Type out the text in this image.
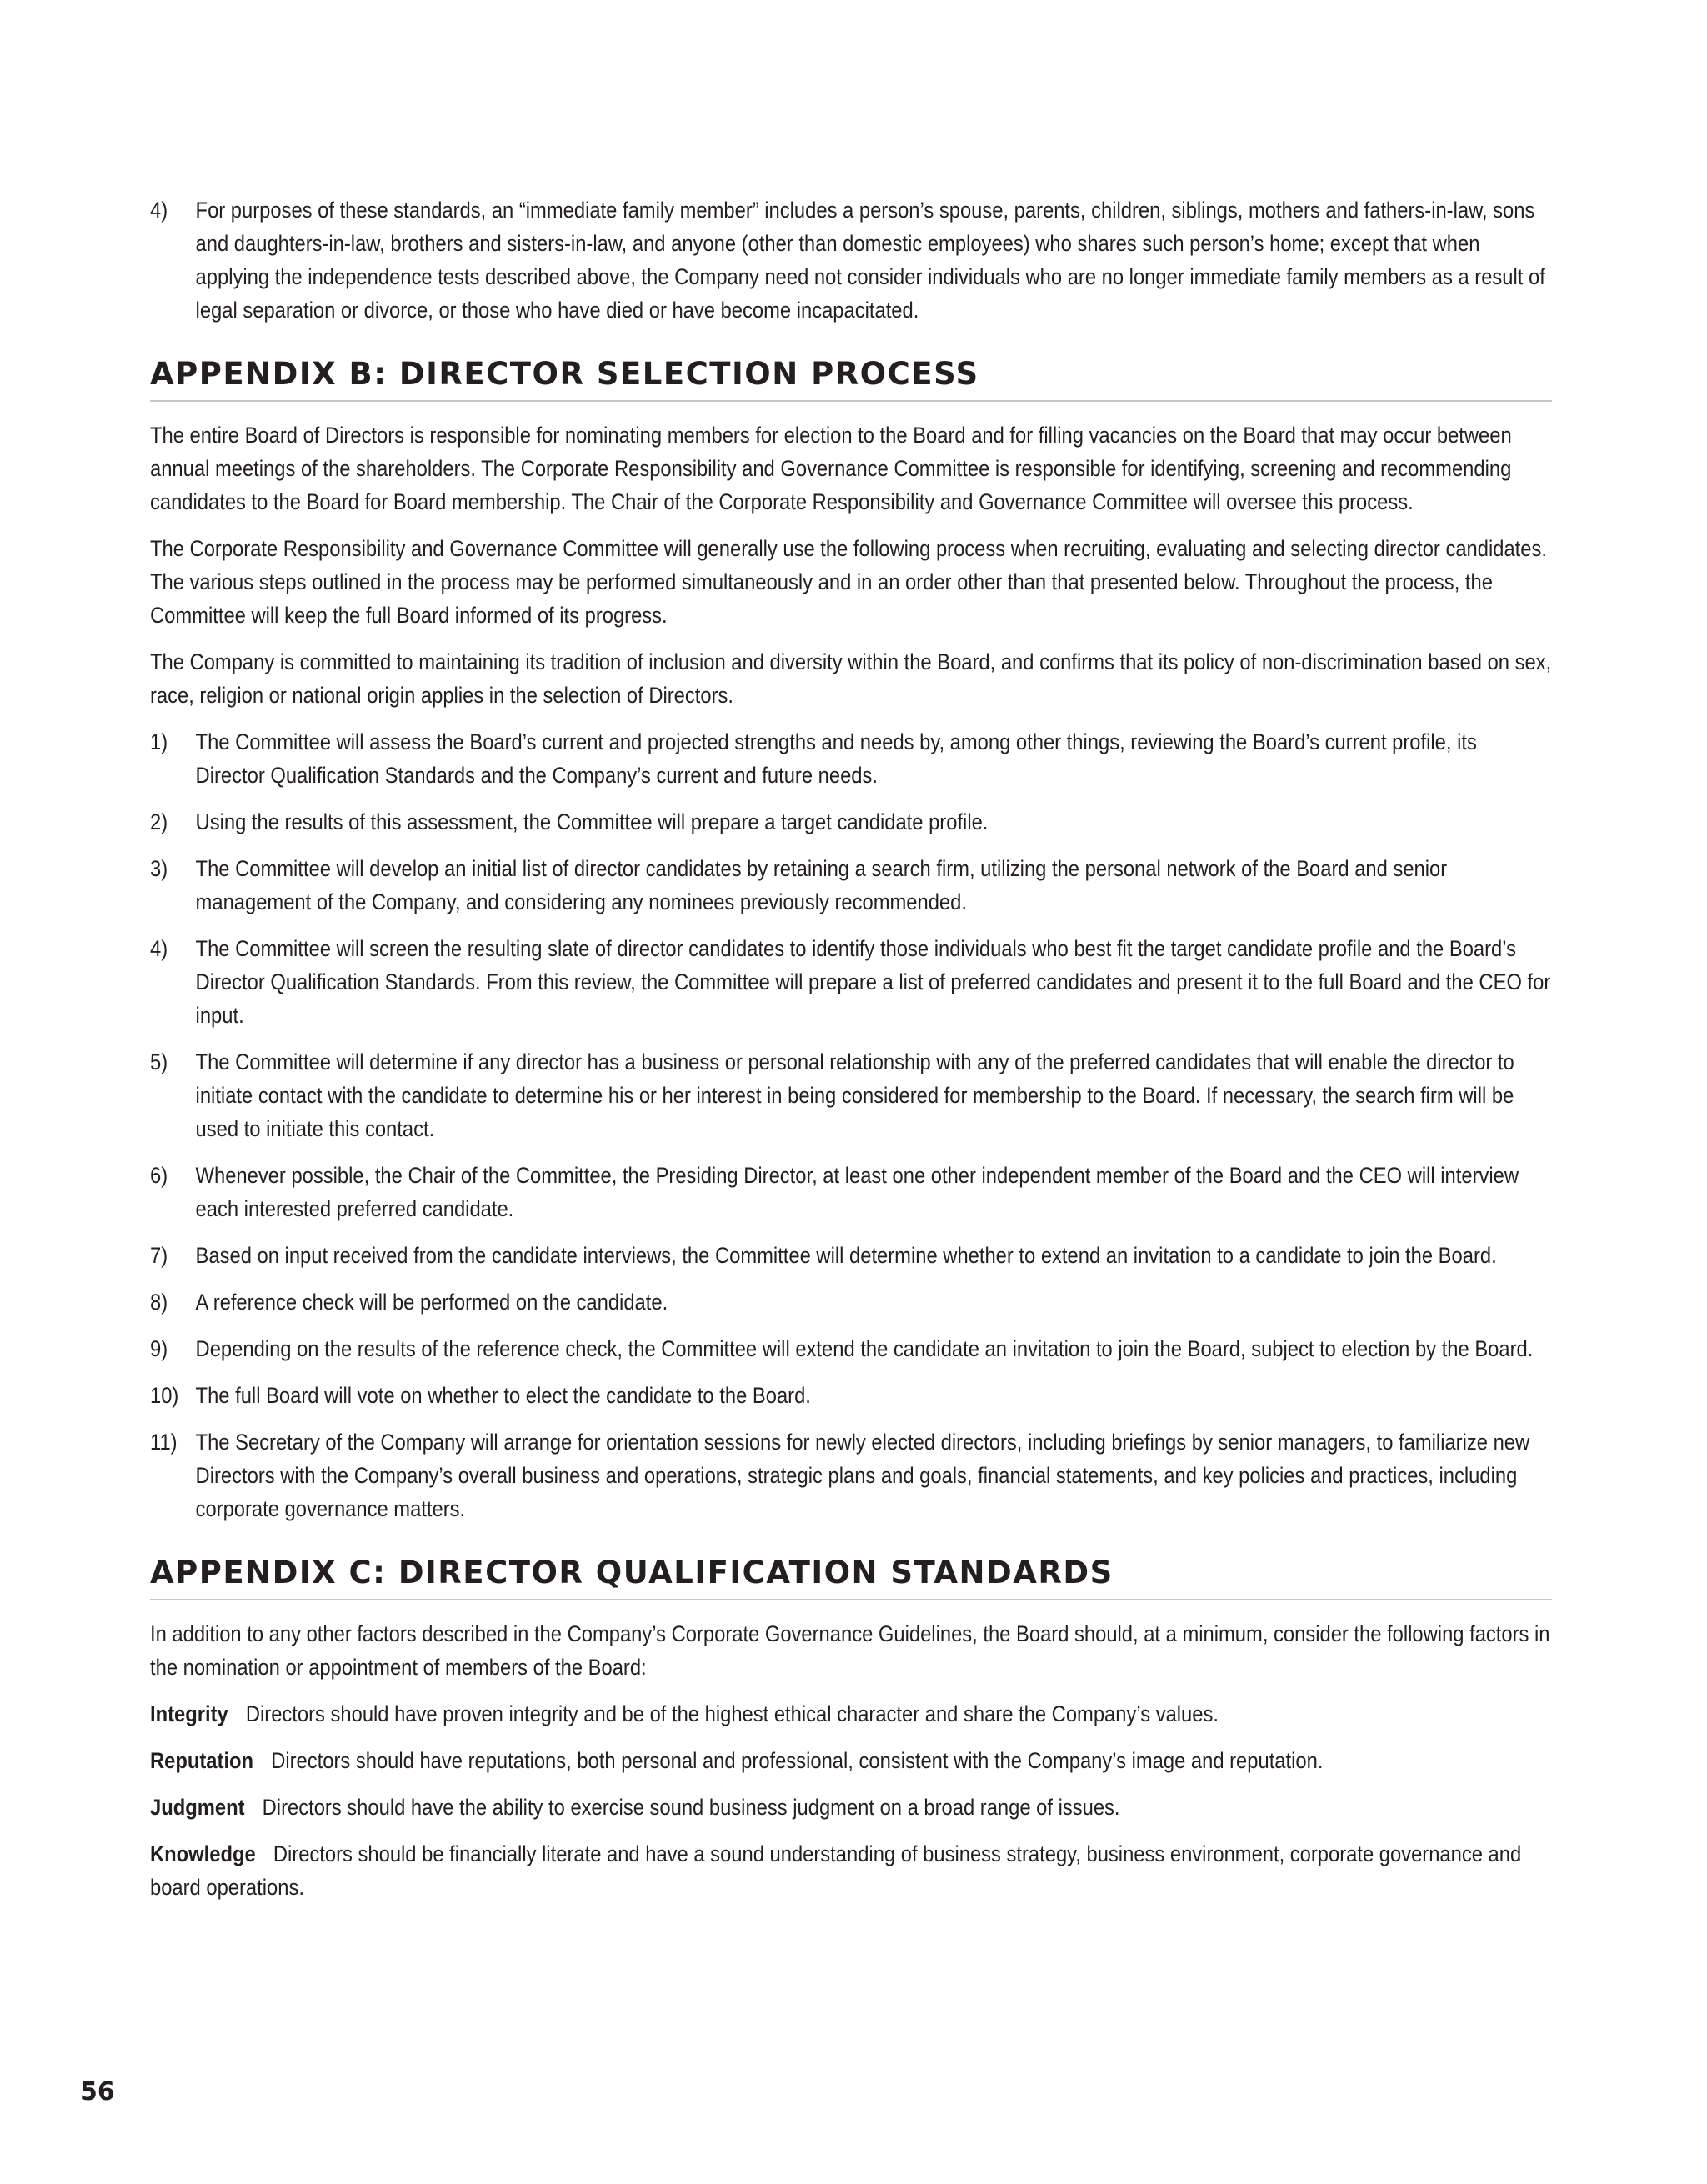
4)	For purposes of these standards, an “immediate family member” includes a person’s spouse, parents, children, siblings, mothers and fathers-in-law, sons and daughters-in-law, brothers and sisters-in-law, and anyone (other than domestic employees) who shares such person’s home; except that when applying the independence tests described above, the Company need not consider individuals who are no longer immediate family members as a result of legal separation or divorce, or those who have died or have become incapacitated.
APPENDIX B: DIRECTOR SELECTION PROCESS

The entire Board of Directors is responsible for nominating members for election to the Board and for filling vacancies on the Board that may occur between annual meetings of the shareholders. The Corporate Responsibility and Governance Committee is responsible for identifying, screening and recommending candidates to the Board for Board membership. The Chair of the Corporate Responsibility and Governance Committee will oversee this process.

The Corporate Responsibility and Governance Committee will generally use the following process when recruiting, evaluating and selecting director candidates. The various steps outlined in the process may be performed simultaneously and in an order other than that presented below. Throughout the process, the Committee will keep the full Board informed of its progress.

The Company is committed to maintaining its tradition of inclusion and diversity within the Board, and confirms that its policy of non-discrimination based on sex, race, religion or national origin applies in the selection of Directors.

1)	The Committee will assess the Board’s current and projected strengths and needs by, among other things, reviewing the Board’s current profile, its Director Qualification Standards and the Company’s current and future needs.
2)	Using the results of this assessment, the Committee will prepare a target candidate profile.
3)	The Committee will develop an initial list of director candidates by retaining a search firm, utilizing the personal network of the Board and senior management of the Company, and considering any nominees previously recommended.
4)	The Committee will screen the resulting slate of director candidates to identify those individuals who best fit the target candidate profile and the Board’s Director Qualification Standards. From this review, the Committee will prepare a list of preferred candidates and present it to the full Board and the CEO for input.
5)	The Committee will determine if any director has a business or personal relationship with any of the preferred candidates that will enable the director to initiate contact with the candidate to determine his or her interest in being considered for membership to the Board. If necessary, the search firm will be used to initiate this contact.
6)	Whenever possible, the Chair of the Committee, the Presiding Director, at least one other independent member of the Board and the CEO will interview each interested preferred candidate.
7)	Based on input received from the candidate interviews, the Committee will determine whether to extend an invitation to a candidate to join the Board.
8)	A reference check will be performed on the candidate.
9)	Depending on the results of the reference check, the Committee will extend the candidate an invitation to join the Board, subject to election by the Board.
10) The full Board will vote on whether to elect the candidate to the Board.
11) The Secretary of the Company will arrange for orientation sessions for newly elected directors, including briefings by senior managers, to familiarize new Directors with the Company’s overall business and operations, strategic plans and goals, financial statements, and key policies and practices, including corporate governance matters.
APPENDIX C: DIRECTOR QUALIFICATION STANDARDS

In addition to any other factors described in the Company’s Corporate Governance Guidelines, the Board should, at a minimum, consider the following factors in the nomination or appointment of members of the Board:

Integrity Directors should have proven integrity and be of the highest ethical character and share the Company’s values.

Reputation Directors should have reputations, both personal and professional, consistent with the Company’s image and reputation.

Judgment Directors should have the ability to exercise sound business judgment on a broad range of issues.

Knowledge Directors should be financially literate and have a sound understanding of business strategy, business environment, corporate governance and board operations.

56
